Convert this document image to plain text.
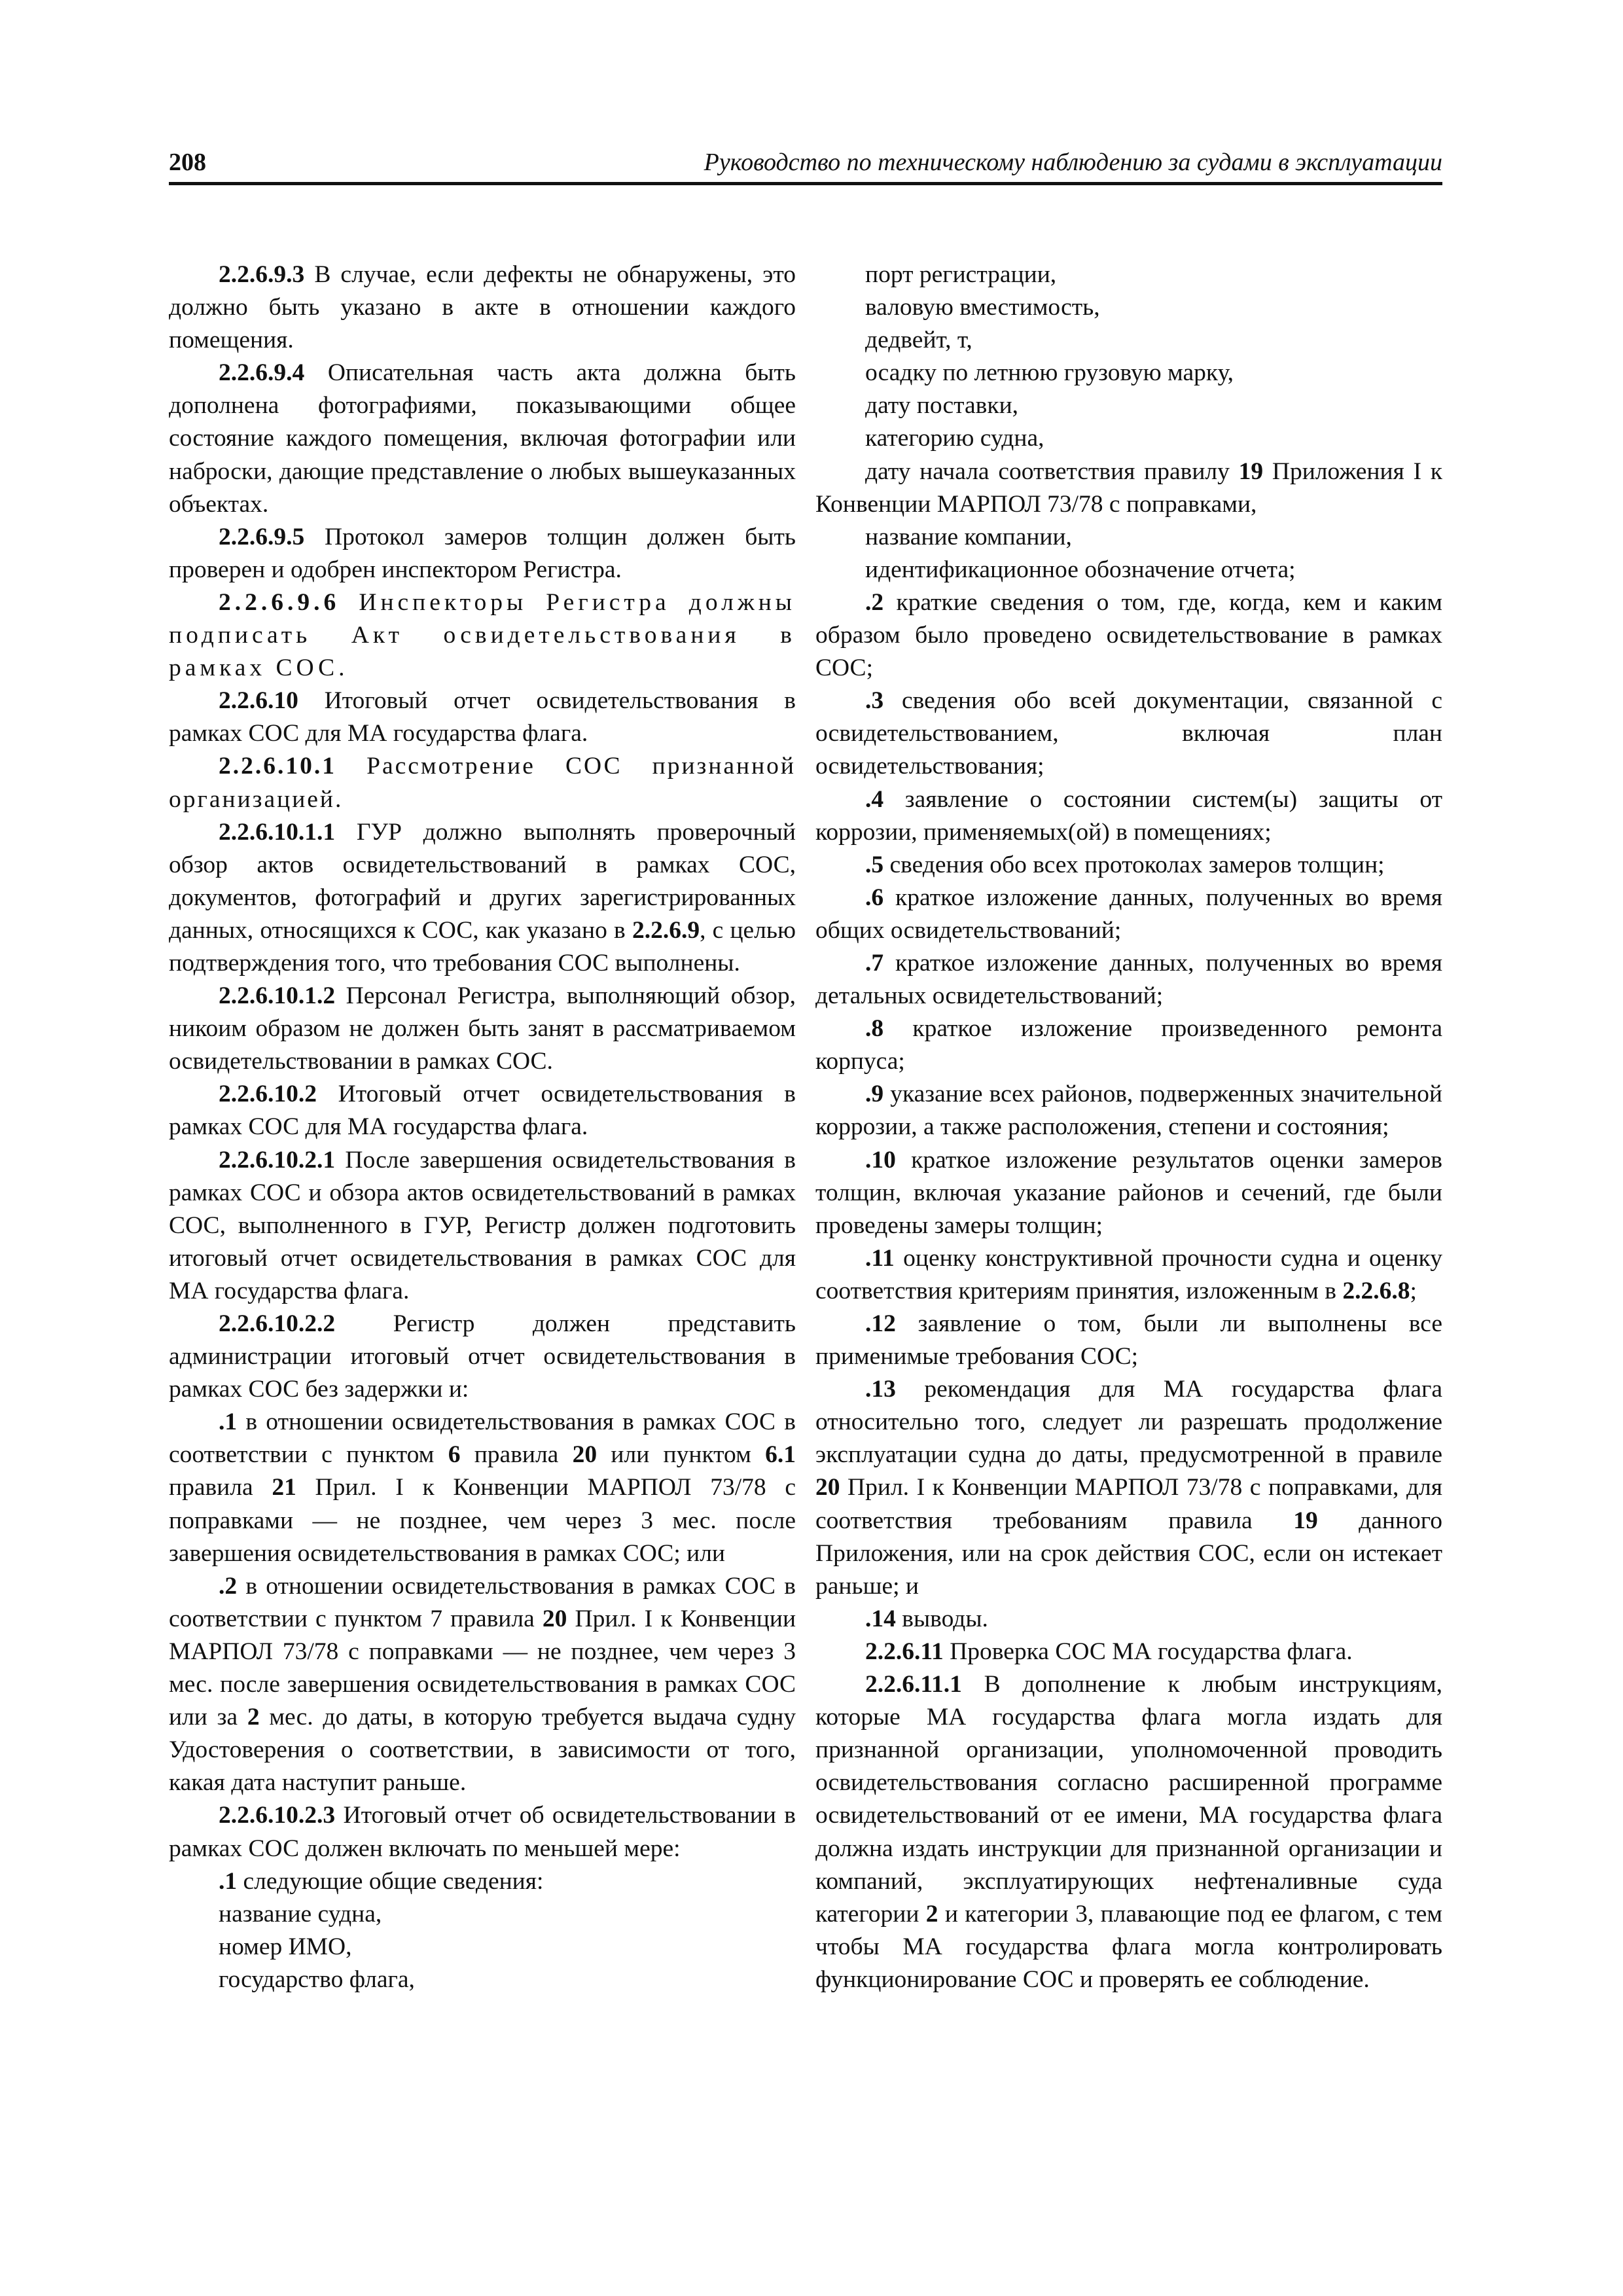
208	Руководство по техническому наблюдению за судами в эксплуатации

2.2.6.9.3 В случае, если дефекты не обнаружены, это должно быть указано в акте в отношении каждого помещения.

2.2.6.9.4 Описательная часть акта должна быть дополнена фотографиями, показывающими общее состояние каждого помещения, включая фотографии или наброски, дающие представление о любых вышеуказанных объектах.

2.2.6.9.5 Протокол замеров толщин должен быть проверен и одобрен инспектором Регистра.

2.2.6.9.6 Инспекторы Регистра должны подписать Акт освидетельствования в рамках СОС.

2.2.6.10 Итоговый отчет освидетельствования в рамках СОС для МА государства флага.

2.2.6.10.1 Рассмотрение СОС признанной организацией.

2.2.6.10.1.1 ГУР должно выполнять проверочный обзор актов освидетельствований в рамках СОС, документов, фотографий и других зарегистрированных данных, относящихся к СОС, как указано в 2.2.6.9, с целью подтверждения того, что требования СОС выполнены.

2.2.6.10.1.2 Персонал Регистра, выполняющий обзор, никоим образом не должен быть занят в рассматриваемом освидетельствовании в рамках СОС.

2.2.6.10.2 Итоговый отчет освидетельствования в рамках СОС для МА государства флага.

2.2.6.10.2.1 После завершения освидетельствования в рамках СОС и обзора актов освидетельствований в рамках СОС, выполненного в ГУР, Регистр должен подготовить итоговый отчет освидетельствования в рамках СОС для МА государства флага.

2.2.6.10.2.2 Регистр должен представить администрации итоговый отчет освидетельствования в рамках СОС без задержки и:

.1 в отношении освидетельствования в рамках СОС в соответствии с пунктом 6 правила 20 или пунктом 6.1 правила 21 Прил. I к Конвенции МАРПОЛ 73/78 с поправками — не позднее, чем через 3 мес. после завершения освидетельствования в рамках СОС; или

.2 в отношении освидетельствования в рамках СОС в соответствии с пунктом 7 правила 20 Прил. I к Конвенции МАРПОЛ 73/78 с поправками — не позднее, чем через 3 мес. после завершения освидетельствования в рамках СОС или за 2 мес. до даты, в которую требуется выдача судну Удостоверения о соответствии, в зависимости от того, какая дата наступит раньше.

2.2.6.10.2.3 Итоговый отчет об освидетельствовании в рамках СОС должен включать по меньшей мере:

.1 следующие общие сведения:

название судна,

номер ИМО,

государство флага,

порт регистрации,

валовую вместимость,

дедвейт, т,

осадку по летнюю грузовую марку,

дату поставки,

категорию судна,

дату начала соответствия правилу 19 Приложения I к Конвенции МАРПОЛ 73/78 с поправками,

название компании,

идентификационное обозначение отчета;

.2 краткие сведения о том, где, когда, кем и каким образом было проведено освидетельствование в рамках СОС;

.3 сведения обо всей документации, связанной с освидетельствованием, включая план освидетельствования;

.4 заявление о состоянии систем(ы) защиты от коррозии, применяемых(ой) в помещениях;

.5 сведения обо всех протоколах замеров толщин;

.6 краткое изложение данных, полученных во время общих освидетельствований;

.7 краткое изложение данных, полученных во время детальных освидетельствований;

.8 краткое изложение произведенного ремонта корпуса;

.9 указание всех районов, подверженных значительной коррозии, а также расположения, степени и состояния;

.10 краткое изложение результатов оценки замеров толщин, включая указание районов и сечений, где были проведены замеры толщин;

.11 оценку конструктивной прочности судна и оценку соответствия критериям принятия, изложенным в 2.2.6.8;

.12 заявление о том, были ли выполнены все применимые требования СОС;

.13 рекомендация для МА государства флага относительно того, следует ли разрешать продолжение эксплуатации судна до даты, предусмотренной в правиле 20 Прил. I к Конвенции МАРПОЛ 73/78 с поправками, для соответствия требованиям правила 19 данного Приложения, или на срок действия СОС, если он истекает раньше; и

.14 выводы.

2.2.6.11 Проверка СОС МА государства флага.

2.2.6.11.1 В дополнение к любым инструкциям, которые МА государства флага могла издать для признанной организации, уполномоченной проводить освидетельствования согласно расширенной программе освидетельствований от ее имени, МА государства флага должна издать инструкции для признанной организации и компаний, эксплуатирующих нефтеналивные суда категории 2 и категории 3, плавающие под ее флагом, с тем чтобы МА государства флага могла контролировать функционирование СОС и проверять ее соблюдение.
